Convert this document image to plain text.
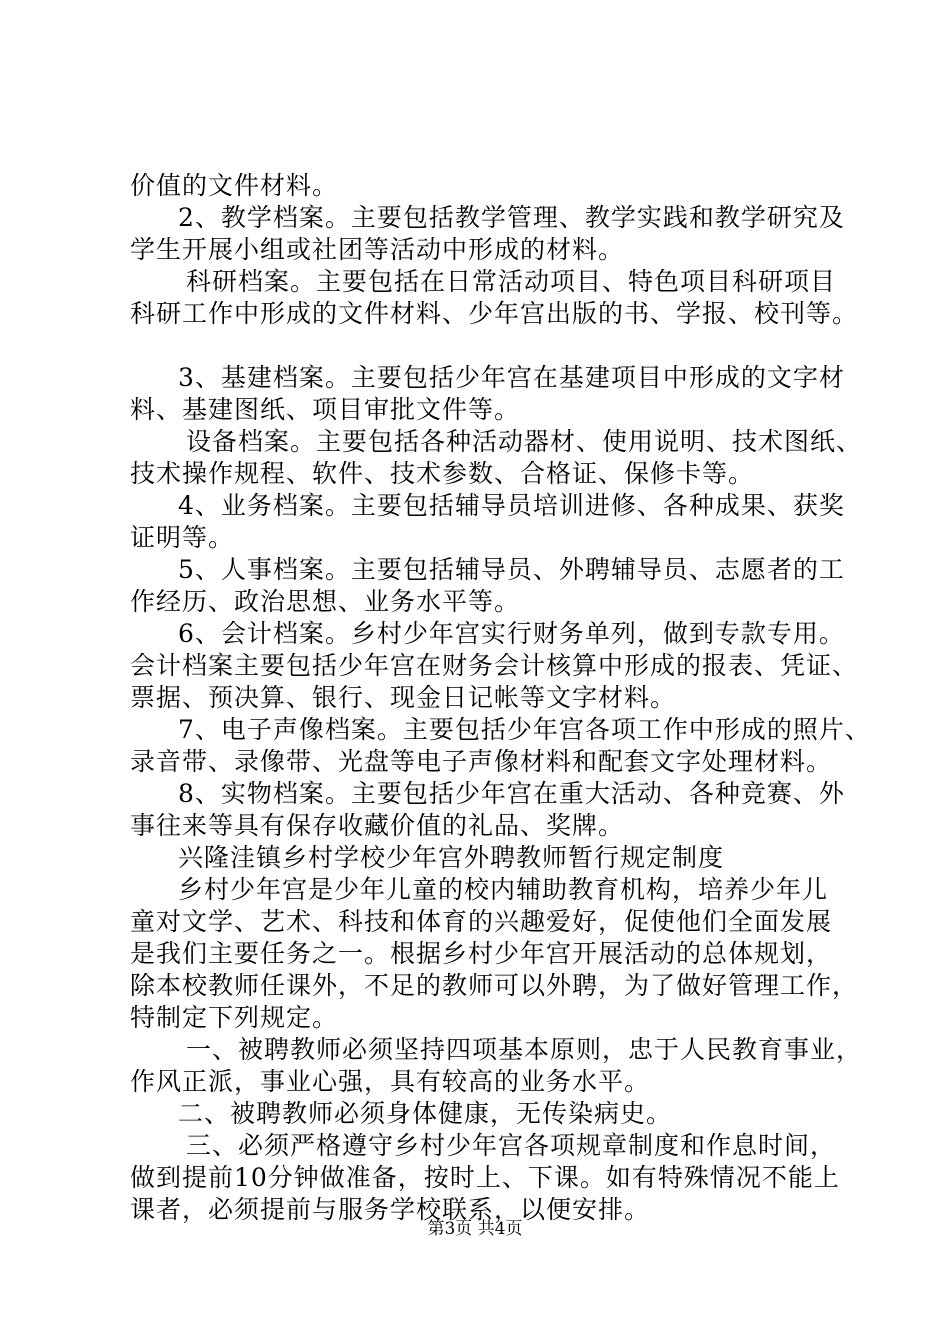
价值的文件材料。
2、教学档案。主要包括教学管理、教学实践和教学研究及
学生开展小组或社团等活动中形成的材料。
科研档案。主要包括在日常活动项目、特色项目科研项目
科研工作中形成的文件材料、少年宫出版的书、学报、校刊等。
3、基建档案。主要包括少年宫在基建项目中形成的文字材
料、基建图纸、项目审批文件等。
设备档案。主要包括各种活动器材、使用说明、技术图纸、
技术操作规程、软件、技术参数、合格证、保修卡等。
4、业务档案。主要包括辅导员培训进修、各种成果、获奖
证明等。
5、人事档案。主要包括辅导员、外聘辅导员、志愿者的工
作经历、政治思想、业务水平等。
6、会计档案。乡村少年宫实行财务单列，做到专款专用。
会计档案主要包括少年宫在财务会计核算中形成的报表、凭证、
票据、预决算、银行、现金日记帐等文字材料。
7、电子声像档案。主要包括少年宫各项工作中形成的照片、
录音带、录像带、光盘等电子声像材料和配套文字处理材料。
8、实物档案。主要包括少年宫在重大活动、各种竞赛、外
事往来等具有保存收藏价值的礼品、奖牌。
兴隆洼镇乡村学校少年宫外聘教师暂行规定制度
乡村少年宫是少年儿童的校内辅助教育机构，培养少年儿
童对文学、艺术、科技和体育的兴趣爱好，促使他们全面发展
是我们主要任务之一。根据乡村少年宫开展活动的总体规划，
除本校教师任课外，不足的教师可以外聘，为了做好管理工作，
特制定下列规定。
一、被聘教师必须坚持四项基本原则，忠于人民教育事业，
作风正派，事业心强，具有较高的业务水平。
二、被聘教师必须身体健康，无传染病史。
三、必须严格遵守乡村少年宫各项规章制度和作息时间，
做到提前10分钟做准备，按时上、下课。如有特殊情况不能上
课者，必须提前与服务学校联系，以便安排。
第3页 共4页
